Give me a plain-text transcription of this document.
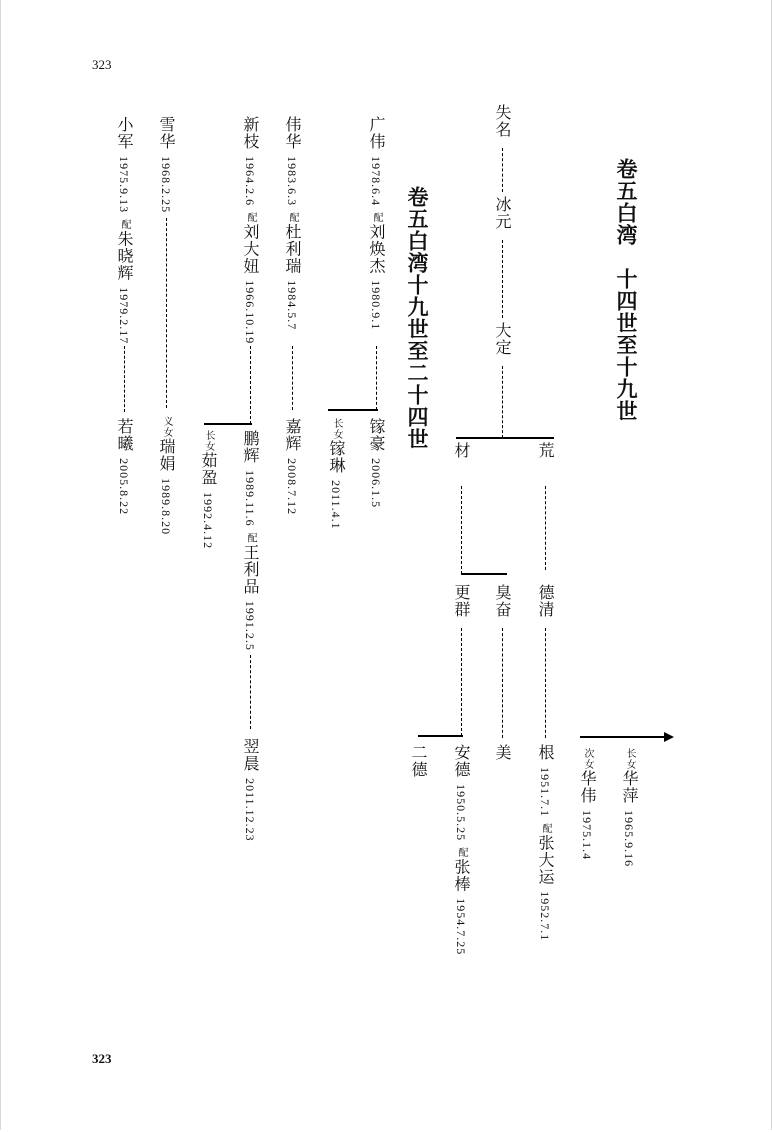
323
323
卷五白湾　十四世至十九世
卷五白湾十九世至二十四世
失名
冰元
大定
荒
材
德清
臭奋
更群
根 1951.7.1 配张大运 1952.7.1
美
安德 1950.5.25 配张棒 1954.7.25
二德	长女华萍 1965.9.16
次女华伟 1975.1.4
广伟 1978.6.4 配刘焕杰 1980.9.1
镓豪 2006.1.5
长女镓琳 2011.4.1
伟华 1983.6.3 配杜利瑞 1984.5.7
嘉辉 2008.7.12
新枝 1964.2.6 配刘大妞 1966.10.19
鹏辉 1989.11.6 配王利品 1991.2.5
翌晨 2011.12.23
长女茹盈 1992.4.12
雪华 1968.2.25
义女瑞娟 1989.8.20
小军 1975.9.13 配朱晓辉 1979.2.17
若曦 2005.8.22
